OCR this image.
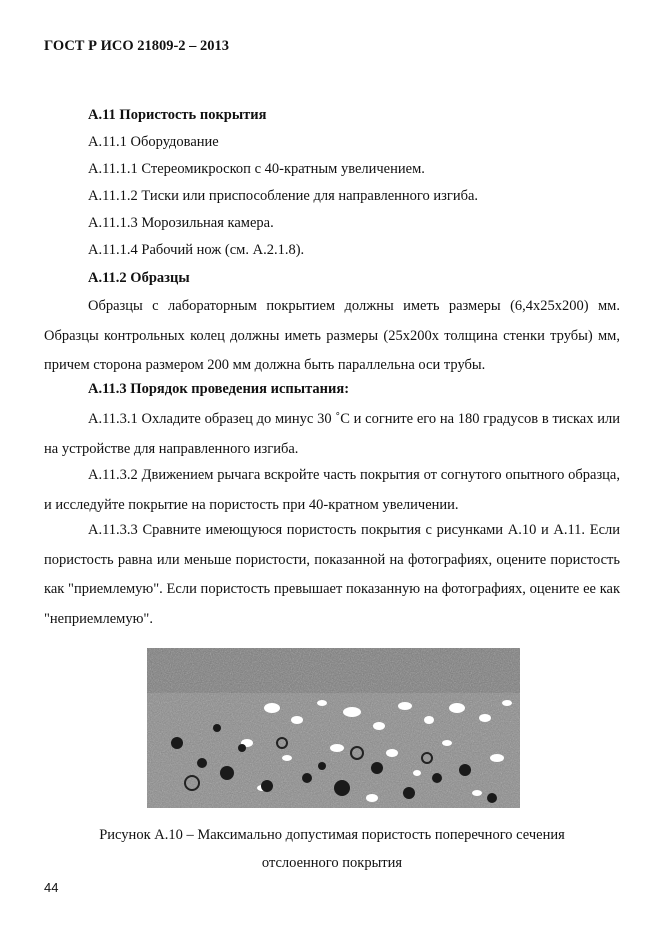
ГОСТ Р ИСО 21809-2 – 2013
А.11 Пористость покрытия
А.11.1 Оборудование
А.11.1.1 Стереомикроскоп с 40-кратным увеличением.
А.11.1.2 Тиски или приспособление для направленного изгиба.
А.11.1.3 Морозильная камера.
А.11.1.4 Рабочий нож (см. А.2.1.8).
А.11.2 Образцы

Образцы с лабораторным покрытием должны иметь размеры (6,4x25x200) мм. Образцы контрольных колец должны иметь размеры (25x200x толщина стенки трубы) мм, причем сторона размером 200 мм должна быть параллельна оси трубы.

А.11.3 Порядок проведения испытания:

А.11.3.1 Охладите образец до минус 30 ˚С и согните его на 180 градусов в тисках или на устройстве для направленного изгиба.

А.11.3.2 Движением рычага вскройте часть покрытия от согнутого опытного образца, и исследуйте покрытие на пористость при 40-кратном увеличении.

А.11.3.3 Сравните имеющуюся пористость покрытия с рисунками А.10 и А.11. Если пористость равна или меньше пористости, показанной на фотографиях, оцените пористость как "приемлемую". Если пористость превышает показанную на фотографиях, оцените ее как "неприемлемую".

Рисунок А.10 – Максимально допустимая пористость поперечного сечения
отслоенного покрытия
44
